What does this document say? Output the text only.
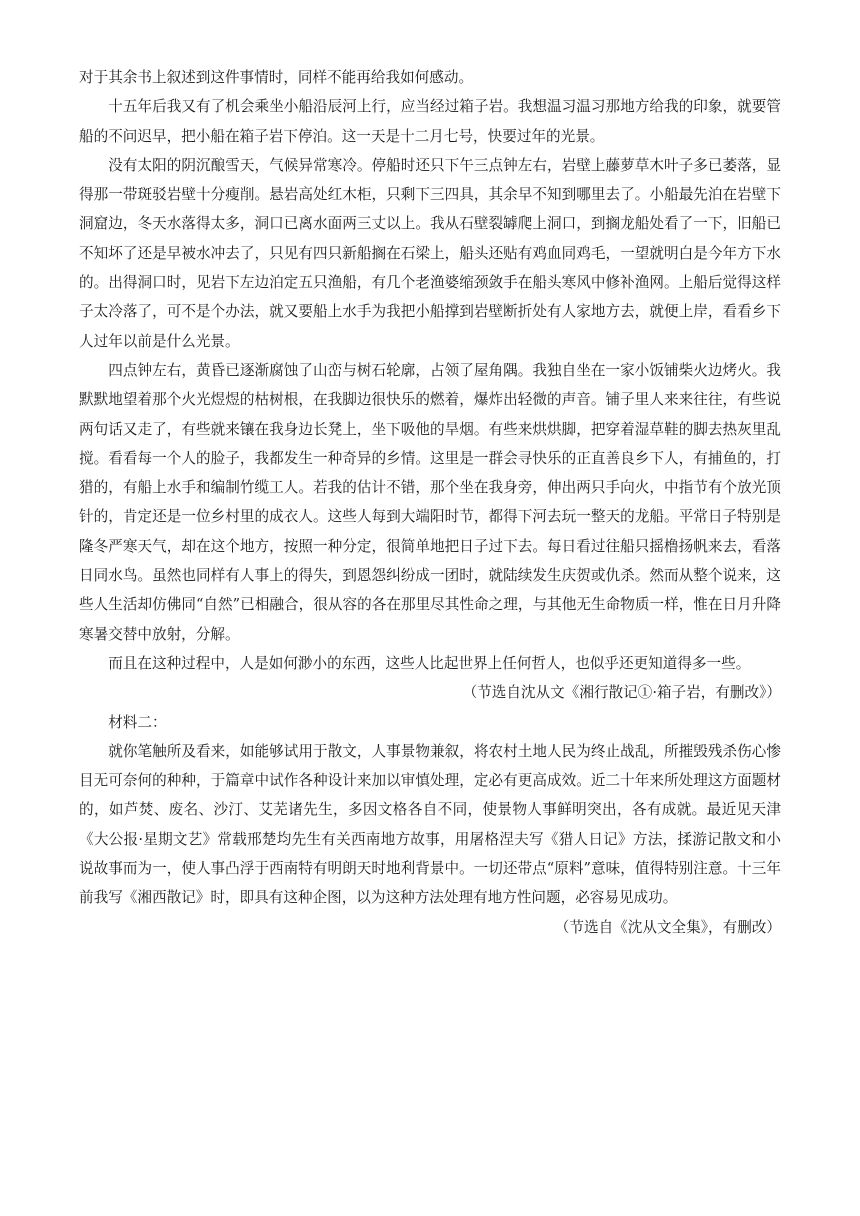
对于其余书上叙述到这件事情时，同样不能再给我如何感动。

十五年后我又有了机会乘坐小船沿辰河上行，应当经过箱子岩。我想温习温习那地方给我的印象，就要管船的不问迟早，把小船在箱子岩下停泊。这一天是十二月七号，快要过年的光景。

没有太阳的阴沉酿雪天，气候异常寒冷。停船时还只下午三点钟左右，岩壁上藤萝草木叶子多已萎落，显得那一带斑驳岩壁十分瘦削。悬岩高处红木柜，只剩下三四具，其余早不知到哪里去了。小船最先泊在岩壁下洞窟边，冬天水落得太多，洞口已离水面两三丈以上。我从石壁裂罅爬上洞口，到搁龙船处看了一下，旧船已不知坏了还是早被水冲去了，只见有四只新船搁在石梁上，船头还贴有鸡血同鸡毛，一望就明白是今年方下水的。出得洞口时，见岩下左边泊定五只渔船，有几个老渔婆缩颈敛手在船头寒风中修补渔网。上船后觉得这样子太冷落了，可不是个办法，就又要船上水手为我把小船撑到岩壁断折处有人家地方去，就便上岸，看看乡下人过年以前是什么光景。

四点钟左右，黄昏已逐渐腐蚀了山峦与树石轮廓，占领了屋角隅。我独自坐在一家小饭铺柴火边烤火。我默默地望着那个火光煜煜的枯树根，在我脚边很快乐的燃着，爆炸出轻微的声音。铺子里人来来往往，有些说两句话又走了，有些就来镶在我身边长凳上，坐下吸他的旱烟。有些来烘烘脚，把穿着湿草鞋的脚去热灰里乱搅。看看每一个人的脸子，我都发生一种奇异的乡情。这里是一群会寻快乐的正直善良乡下人，有捕鱼的，打猎的，有船上水手和编制竹缆工人。若我的估计不错，那个坐在我身旁，伸出两只手向火，中指节有个放光顶针的，肯定还是一位乡村里的成衣人。这些人每到大端阳时节，都得下河去玩一整天的龙船。平常日子特别是隆冬严寒天气，却在这个地方，按照一种分定，很简单地把日子过下去。每日看过往船只摇橹扬帆来去，看落日同水鸟。虽然也同样有人事上的得失，到恩怨纠纷成一团时，就陆续发生庆贺或仇杀。然而从整个说来，这些人生活却仿佛同“自然”已相融合，很从容的各在那里尽其性命之理，与其他无生命物质一样，惟在日月升降寒暑交替中放射，分解。

而且在这种过程中，人是如何渺小的东西，这些人比起世界上任何哲人，也似乎还更知道得多一些。

（节选自沈从文《湘行散记①·箱子岩，有删改》）

材料二：

就你笔触所及看来，如能够试用于散文，人事景物兼叙，将农村土地人民为终止战乱，所摧毁残杀伤心惨目无可奈何的种种，于篇章中试作各种设计来加以审慎处理，定必有更高成效。近二十年来所处理这方面题材的，如芦焚、废名、沙汀、艾芜诸先生，多因文格各自不同，使景物人事鲜明突出，各有成就。最近见天津《大公报·星期文艺》常载邢楚均先生有关西南地方故事，用屠格涅夫写《猎人日记》方法，揉游记散文和小说故事而为一，使人事凸浮于西南特有明朗天时地利背景中。一切还带点“原料”意味，值得特别注意。十三年前我写《湘西散记》时，即具有这种企图，以为这种方法处理有地方性问题，必容易见成功。

（节选自《沈从文全集》，有删改）
